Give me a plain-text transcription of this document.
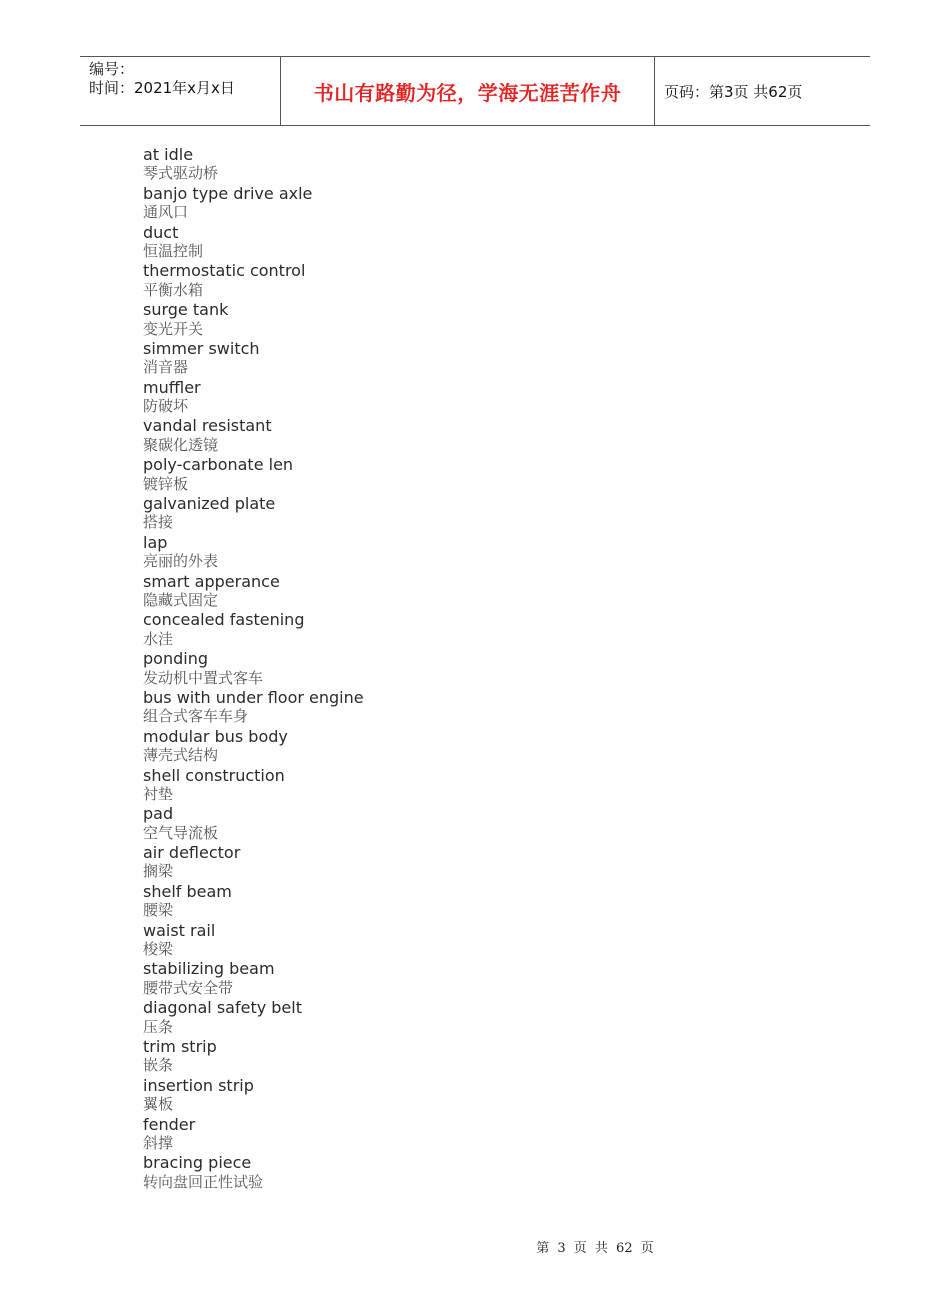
编号：
时间：2021年x月x日	书山有路勤为径，学海无涯苦作舟	页码：第3页 共62页
at idle
琴式驱动桥
banjo type drive axle
通风口
duct
恒温控制
thermostatic control
平衡水箱
surge tank
变光开关
simmer switch
消音器
muffler
防破坏
vandal resistant
聚碳化透镜
poly-carbonate len
镀锌板
galvanized plate
搭接
lap
亮丽的外表
smart apperance
隐藏式固定
concealed fastening
水洼
ponding
发动机中置式客车
bus with under floor engine
组合式客车车身
modular bus body
薄壳式结构
shell construction
衬垫
pad
空气导流板
air deflector
搁梁
shelf beam
腰梁
waist rail
梭梁
stabilizing beam
腰带式安全带
diagonal safety belt
压条
trim strip
嵌条
insertion strip
翼板
fender
斜撑
bracing piece
转向盘回正性试验
第 3 页 共 62 页
